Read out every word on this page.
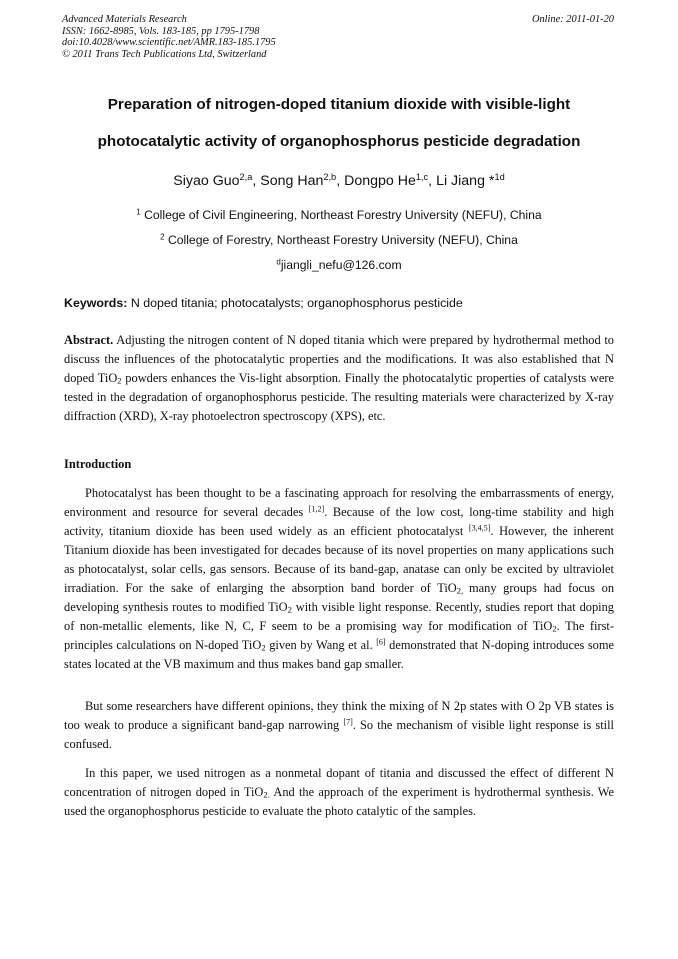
Advanced Materials Research
ISSN: 1662-8985, Vols. 183-185, pp 1795-1798
doi:10.4028/www.scientific.net/AMR.183-185.1795
© 2011 Trans Tech Publications Ltd, Switzerland
Online: 2011-01-20
Preparation of nitrogen-doped titanium dioxide with visible-light
photocatalytic activity of organophosphorus pesticide degradation
Siyao Guo$^{2,a}$, Song Han$^{2,b}$, Dongpo He$^{1,c}$, Li Jiang *$^{1d}$
$^1$ College of Civil Engineering, Northeast Forestry University (NEFU), China
$^2$ College of Forestry, Northeast Forestry University (NEFU), China
$^d$jiangli_nefu@126.com
Keywords: N doped titania; photocatalysts; organophosphorus pesticide
Abstract. Adjusting the nitrogen content of N doped titania which were prepared by hydrothermal method to discuss the influences of the photocatalytic properties and the modifications. It was also established that N doped TiO$_2$ powders enhances the Vis-light absorption. Finally the photocatalytic properties of catalysts were tested in the degradation of organophosphorus pesticide. The resulting materials were characterized by X-ray diffraction (XRD), X-ray photoelectron spectroscopy (XPS), etc.
Introduction
Photocatalyst has been thought to be a fascinating approach for resolving the embarrassments of energy, environment and resource for several decades [1,2]. Because of the low cost, long-time stability and high activity, titanium dioxide has been used widely as an efficient photocatalyst [3,4,5]. However, the inherent Titanium dioxide has been investigated for decades because of its novel properties on many applications such as photocatalyst, solar cells, gas sensors. Because of its band-gap, anatase can only be excited by ultraviolet irradiation. For the sake of enlarging the absorption band border of TiO$_{2,}$ many groups had focus on developing synthesis routes to modified TiO$_2$ with visible light response. Recently, studies report that doping of non-metallic elements, like N, C, F seem to be a promising way for modification of TiO$_2$. The first-principles calculations on N-doped TiO$_2$ given by Wang et al. [6] demonstrated that N-doping introduces some states located at the VB maximum and thus makes band gap smaller.
But some researchers have different opinions, they think the mixing of N 2p states with O 2p VB states is too weak to produce a significant band-gap narrowing [7]. So the mechanism of visible light response is still confused.
In this paper, we used nitrogen as a nonmetal dopant of titania and discussed the effect of different N concentration of nitrogen doped in TiO$_{2.}$ And the approach of the experiment is hydrothermal synthesis. We used the organophosphorus pesticide to evaluate the photo catalytic of the samples.
